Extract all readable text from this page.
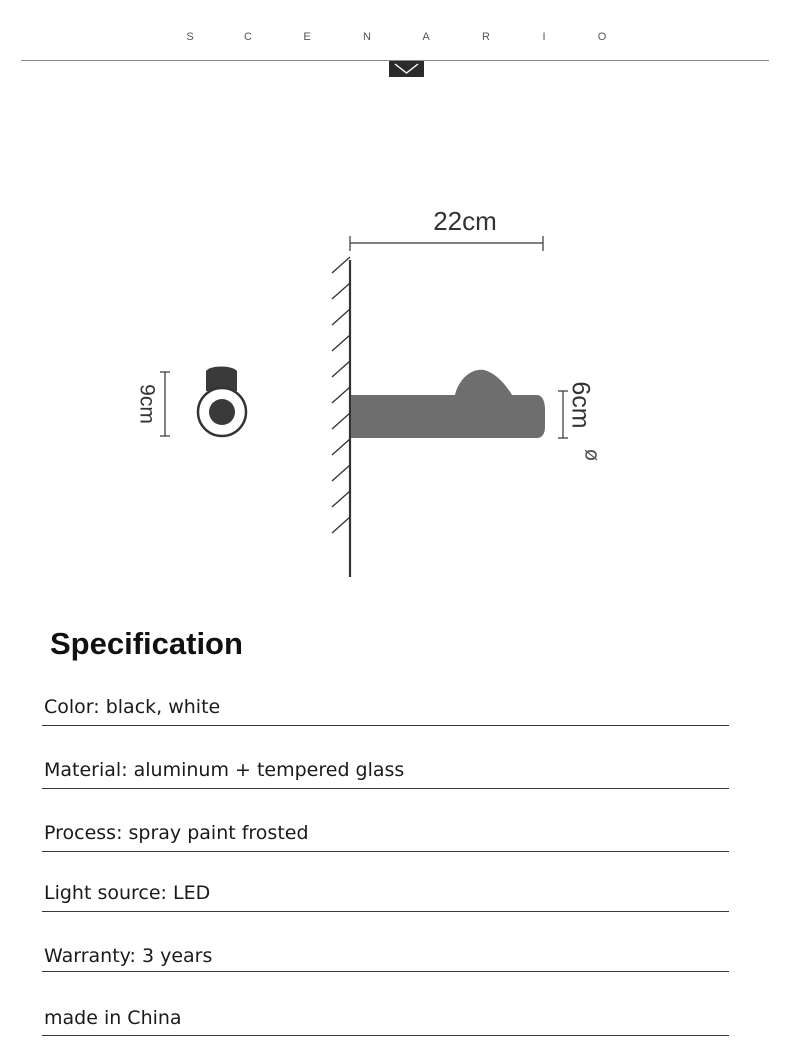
S	C	E	N	A	R	I	O
22cm
6cm
ø
9cm
Specification
Color: black, white
Material: aluminum + tempered glass
Process: spray paint frosted
Light source: LED
Warranty: 3 years
made in China
